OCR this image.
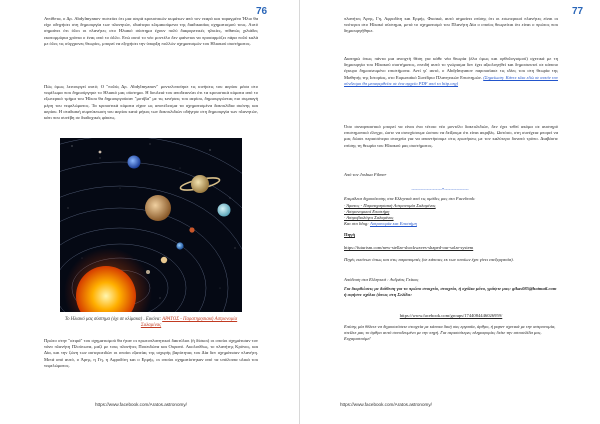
76
Αντίθετα, ο Δρ. Abdylmyanov πιστεύει ότι μια σειρά κρουστικών κυμάτων από τον νεαρό και ταραγμένο Ήλιο θα είχε οδηγήσει στη δημιουργία των πλανητών, ιδιαίτερα κλιμακούμενα της διαδικασίας σχηματισμού τους. Αυτό σημαίνει ότι όλοι οι πλανήτες στο Ηλιακό σύστημα έχουν πολύ διαφορετικές ηλικίες, πιθανώς χιλιάδες εκατομμύρια χρόνια ο ένας από το άλλο. Ενώ αυτό το νέο μοντέλο δεν φαίνεται να προσαρμόζει πάρα πολύ καλά με όλες τις σύγχρονες θεωρίες, μπορεί να εξηγήσει την ύπαρξη πολλών σχηματισμών του Ηλιακού συστήματος.
Πώς όμως λειτουργεί αυτό; Ο "πολύς Δρ. Abdylmyanov" μοντελοποίησε τις κινήσεις του αερίου μέσα στο νεφέλωμα που δημιούργησε το Ηλιακό μας σύστημα. Η δουλειά του αποδεικνύει ότι τα κρουστικά κύματα από το εξωτερικό τμήμα του Ήλιου θα δημιουργούσαν "μοτίβα" με τις κινήσεις του αερίου, δημιουργώντας πιο συμπαγή μέρη του νεφελώματος. Τα κρουστικά κύματα είχαν ως αποτέλεσμα τα σχηματισμένα δακτυλίδια σκόνης και αερίου. Η σταδιακή συμπύκνωση του αερίου κατά μήκος των δακτυλιδιών οδήγησε στη δημιουργία των πλανητών, κάτι που συνέβη σε διαδοχικές φάσεις.
Το Ηλιακό μας σύστημα (όχι σε κλίμακα) . Εικόνα: ΑΡΑΤΟΣ - Παρατηρησιακή Αστρονομία Σαλαμίνας
Πρώτο στην "σειρά" του σχηματισμού θα ήταν οι πρωτοπλανητικοί δακτύλιοι (ή δίσκοι) οι οποίοι σχημάτισαν τον νάνο πλανήτη Πλούτωνα, μαζί με τους πλανήτες Ποσειδώνα και Ουρανό. Ακολούθως, το πλανήτης Κρόνος, και Δία, και την ζώνη των αστεροειδών οι οποίοι εξαιτίας της ισχυρής βαρύτητας του Δία δεν σχημάτισαν πλανήτη. Μετά από αυτό, ο Άρης, η Γη, η Αφροδίτη και ο Ερμής, οι οποίοι σχηματίστηκαν από τα υπόλοιπα υλικά του νεφελώματος.
https://www.facebook.com/Aratos.astronomy/
77
πλανήτες Άρης, Γη, Αφροδίτη και Ερμής. Φυσικά, αυτό σημαίνει επίσης ότι οι εσωτερικοί πλανήτες είναι οι νεότεροι στο Ηλιακό σύστημα, μετά το σχηματισμό του Πλανήτη Δία ο οποίος θεωρείται ότι είναι ο πρώτος που δημιουργήθηκε.
Διατηρώ όπως πάντα μια ανοιχτή θέση για κάθε νέα θεωρία (έλα όμως και ορθολογισμού) σχετικά με τη δημιουργία του Ηλιακού συστήματος, επειδή αυτό το γνώρισμα δεν έχει αξιολογηθεί και δημοσιευτεί σε κάποιο έγκυρο δημοσιευμένο επιστήμονα. Αντί γι' αυτό, ο Abdylmyanov παρουσίασε τις ιδέες του στη θεωρία της Μαθητής της Ιστορίας, στο Ευρωπαϊκό Συνέδριο Πλανητικών Επιστημών. (Σημείωση: Κάντε κλικ εδώ σε αυτόν τον σύνδεσμο θα μεταφερθείτε σε ένα αρχείο PDF από το http.org)
Όσο συναρπαστικό μπορεί να είναι ένα τέτοιο νέο μοντέλο δακτυλιδιών, δεν έχει τεθεί ακόμα σε αυστηρό επιστημονικό έλεγχο, ώστε να συνεχίσουμε ώσπου να δείξουμε ότι είναι ακριβές. Ωστόσο, στη συνέχεια μπορεί να μας δώσει περισσότερα στοιχεία για να απαντήσουμε στις ερωτήσεις με τον καλύτερο δυνατό τρόπο. Διαβάστε επίσης τη θεωρία του Ηλιακού μας συστήματος.
Από τον Joshua Filmer
--------------------*----------------
Επιμέλεια δημοσίευσης στα Ελληνικά από τις ομάδες μας στο Facebook:
· Άρατος - Παρατηρησιακή Αστρονομία Σαλαμίνας
· Αστρονομικοί Επιστήμη
· Αστροβιολόγοι Σαλαμίνας
Και στο blog: Αστρονομία και Επιστήμη
Πηγή
https://futurism.com/new-stellar-shockwaves-shaped-our-solar-system
Πηγές εικόνων όπως και στις παραπομπές (σε κάποιες εκ των οποίων έχει γίνει επεξεργασία).
Απόδοση στα Ελληνικά : Ανδρέας Γκίκας
Για διορθώσεις με διάθεση για το πρώτο στοιχείο, στοιχεία, ή σχόλια μόνο, γράψτε μας: gikas085@hotmail.com ή αφήστε σχόλιο (όπως στη Σελίδα:
https://www.facebook.com/groups/1744084446026959/
Επίσης μία θέλετε να δημοσιεύσετε στοιχεία με κάποια δική σας εργασία, άρθρο, ή paper σχετικά με την αστρονομία, στείλτε μας το άρθρο αυτό συνοδευμένο με την πηγή. Για περισσότερες πληροφορίες δείτε την ιστοσελίδα μας. Ευχαριστούμε!
https://www.facebook.com/Aratos.astronomy/
